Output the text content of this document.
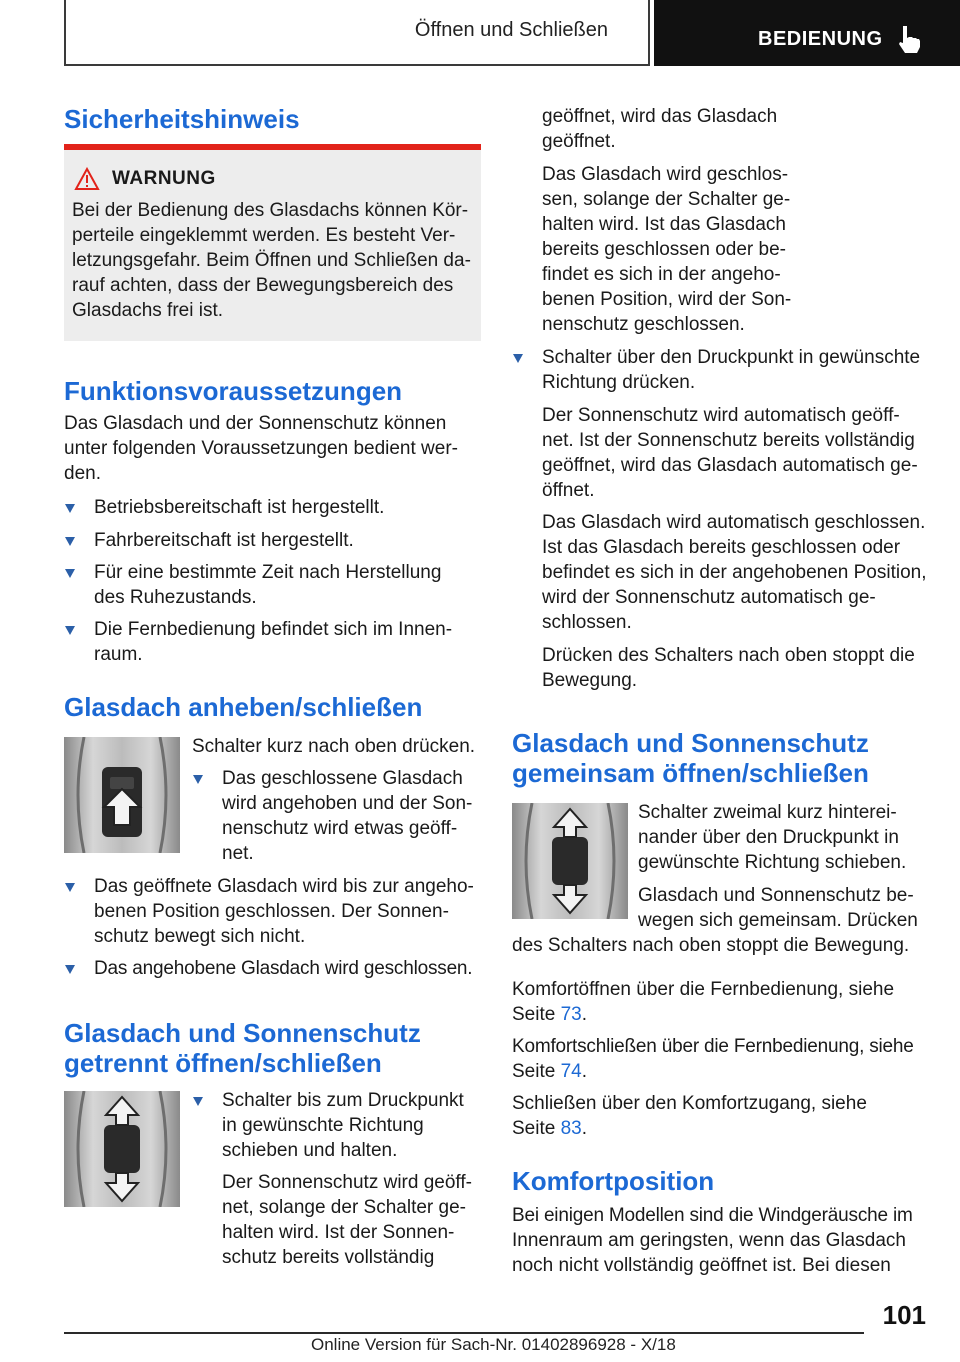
Öffnen und Schließen	BEDIENUNG
Sicherheitshinweis
WARNUNG
Bei der Bedienung des Glasdachs können Kör-
perteile eingeklemmt werden. Es besteht Ver-
letzungsgefahr. Beim Öffnen und Schließen da-
rauf achten, dass der Bewegungsbereich des
Glasdachs frei ist.
Funktionsvoraussetzungen
Das Glasdach und der Sonnenschutz können
unter folgenden Voraussetzungen bedient wer-
den.
Betriebsbereitschaft ist hergestellt.
Fahrbereitschaft ist hergestellt.
Für eine bestimmte Zeit nach Herstellung
des Ruhezustands.
Die Fernbedienung befindet sich im Innen-
raum.
Glasdach anheben/schließen
Schalter kurz nach oben drücken.
Das geschlossene Glasdach
wird angehoben und der Son-
nenschutz wird etwas geöff-
net.
Das geöffnete Glasdach wird bis zur angeho-
benen Position geschlossen. Der Sonnen-
schutz bewegt sich nicht.
Das angehobene Glasdach wird geschlossen.
Glasdach und Sonnenschutz
getrennt öffnen/schließen
Schalter bis zum Druckpunkt
in gewünschte Richtung
schieben und halten.
Der Sonnenschutz wird geöff-
net, solange der Schalter ge-
halten wird. Ist der Sonnen-
schutz bereits vollständig
geöffnet, wird das Glasdach
geöffnet.
Das Glasdach wird geschlos-
sen, solange der Schalter ge-
halten wird. Ist das Glasdach
bereits geschlossen oder be-
findet es sich in der angeho-
benen Position, wird der Son-
nenschutz geschlossen.
Schalter über den Druckpunkt in gewünschte
Richtung drücken.
Der Sonnenschutz wird automatisch geöff-
net. Ist der Sonnenschutz bereits vollständig
geöffnet, wird das Glasdach automatisch ge-
öffnet.
Das Glasdach wird automatisch geschlossen.
Ist das Glasdach bereits geschlossen oder
befindet es sich in der angehobenen Position,
wird der Sonnenschutz automatisch ge-
schlossen.
Drücken des Schalters nach oben stoppt die
Bewegung.
Glasdach und Sonnenschutz
gemeinsam öffnen/schließen
Schalter zweimal kurz hinterei-
nander über den Druckpunkt in
gewünschte Richtung schieben.
Glasdach und Sonnenschutz be-
wegen sich gemeinsam. Drücken
des Schalters nach oben stoppt die Bewegung.
Komfortöffnen über die Fernbedienung, siehe
Seite 73.
Komfortschließen über die Fernbedienung, siehe
Seite 74.
Schließen über den Komfortzugang, siehe
Seite 83.
Komfortposition
Bei einigen Modellen sind die Windgeräusche im
Innenraum am geringsten, wenn das Glasdach
noch nicht vollständig geöffnet ist. Bei diesen
101
Online Version für Sach-Nr. 01402896928 - X/18
